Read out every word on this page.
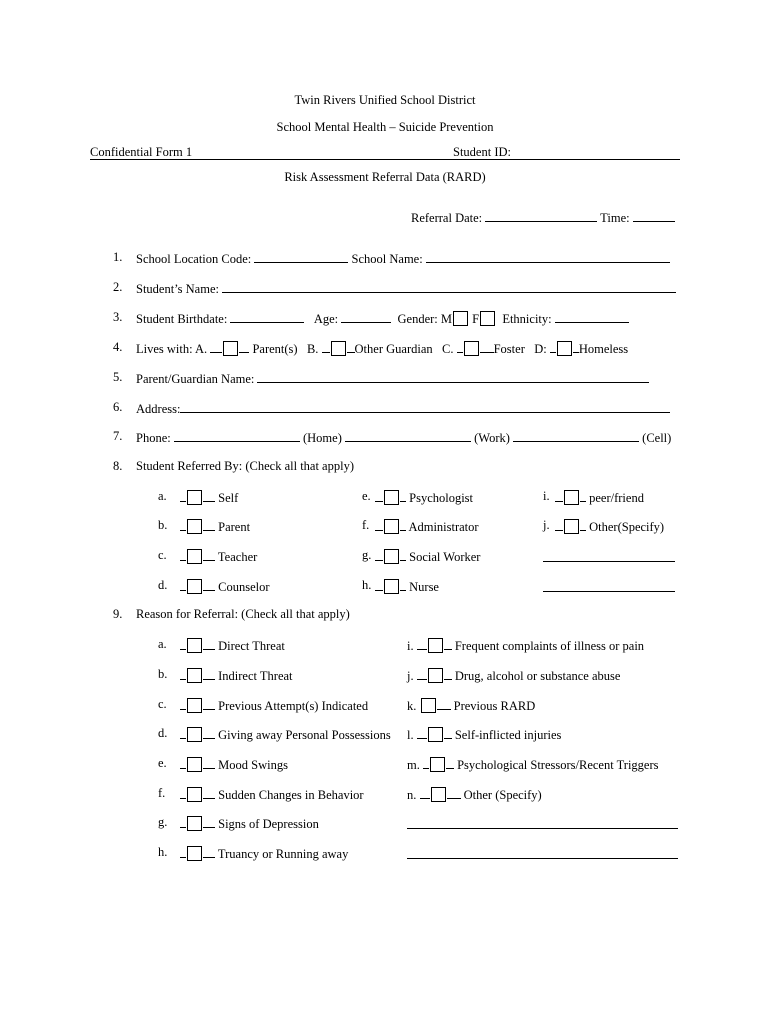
Twin Rivers Unified School District
School Mental Health – Suicide Prevention
Confidential Form 1	Student ID:
Risk Assessment Referral Data (RARD)
Referral Date:	Time:
1. School Location Code:	School Name:
2. Student’s Name:
3. Student Birthdate:	Age:	Gender: M F Ethnicity:
4. Lives with: A.	Parent(s) B.	Other Guardian C.	Foster D:	Homeless
5. Parent/Guardian Name:
6. Address:
7. Phone:	(Home)	(Work)	(Cell)
8. Student Referred By: (Check all that apply)
a.	Self
b.	Parent
c.	Teacher
d.	Counselor
e.	Psychologist
f.	Administrator
g.	Social Worker
h.	Nurse
i.	peer/friend
j.	Other(Specify)
9. Reason for Referral: (Check all that apply)
a.	Direct Threat
b.	Indirect Threat
c.	Previous Attempt(s) Indicated
d.	Giving away Personal Possessions
e.	Mood Swings
f.	Sudden Changes in Behavior
g.	Signs of Depression
h.	Truancy or Running away
i.	Frequent complaints of illness or pain
j.	Drug, alcohol or substance abuse
k.	Previous RARD
l.	Self-inflicted injuries
m.	Psychological Stressors/Recent Triggers
n.	Other (Specify)
